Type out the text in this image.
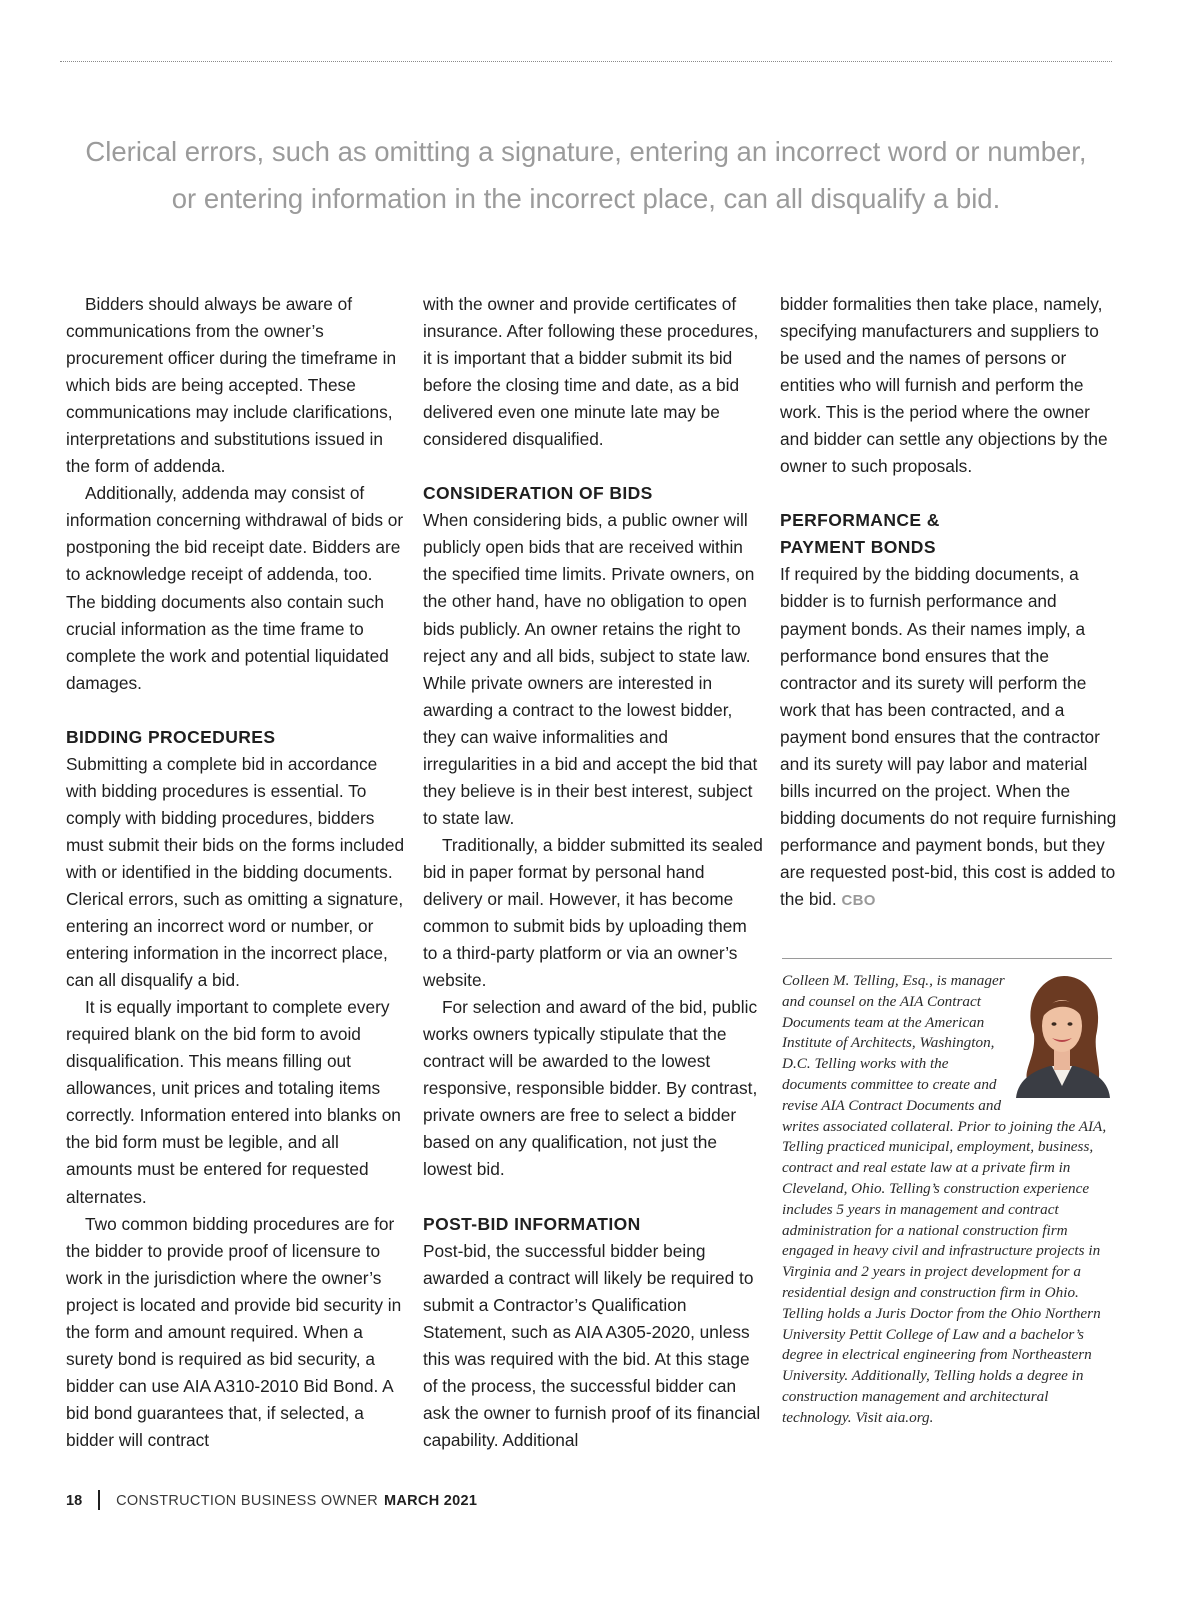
Clerical errors, such as omitting a signature, entering an incorrect word or number,
or entering information in the incorrect place, can all disqualify a bid.

Bidders should always be aware of communications from the owner’s procurement officer during the timeframe in which bids are being accepted. These communications may include clarifications, interpretations and substitutions issued in the form of addenda.

Additionally, addenda may consist of information concerning withdrawal of bids or postponing the bid receipt date. Bidders are to acknowledge receipt of addenda, too. The bidding documents also contain such crucial information as the time frame to complete the work and potential liquidated damages.

BIDDING PROCEDURES

Submitting a complete bid in accordance with bidding procedures is essential. To comply with bidding procedures, bidders must submit their bids on the forms included with or identified in the bidding documents. Clerical errors, such as omitting a signature, entering an incorrect word or number, or entering information in the incorrect place, can all disqualify a bid.

It is equally important to complete every required blank on the bid form to avoid disqualification. This means filling out allowances, unit prices and totaling items correctly. Information entered into blanks on the bid form must be legible, and all amounts must be entered for requested alternates.

Two common bidding procedures are for the bidder to provide proof of licensure to work in the jurisdiction where the owner’s project is located and provide bid security in the form and amount required. When a surety bond is required as bid security, a bidder can use AIA A310-2010 Bid Bond. A bid bond guarantees that, if selected, a bidder will contract

with the owner and provide certificates of insurance. After following these procedures, it is important that a bidder submit its bid before the closing time and date, as a bid delivered even one minute late may be considered disqualified.

CONSIDERATION OF BIDS

When considering bids, a public owner will publicly open bids that are received within the specified time limits. Private owners, on the other hand, have no obligation to open bids publicly. An owner retains the right to reject any and all bids, subject to state law. While private owners are interested in awarding a contract to the lowest bidder, they can waive informalities and irregularities in a bid and accept the bid that they believe is in their best interest, subject to state law.

Traditionally, a bidder submitted its sealed bid in paper format by personal hand delivery or mail. However, it has become common to submit bids by uploading them to a third-party platform or via an owner’s website.

For selection and award of the bid, public works owners typically stipulate that the contract will be awarded to the lowest responsive, responsible bidder. By contrast, private owners are free to select a bidder based on any qualification, not just the lowest bid.

POST-BID INFORMATION

Post-bid, the successful bidder being awarded a contract will likely be required to submit a Contractor’s Qualification Statement, such as AIA A305-2020, unless this was required with the bid. At this stage of the process, the successful bidder can ask the owner to furnish proof of its financial capability. Additional

bidder formalities then take place, namely, specifying manufacturers and suppliers to be used and the names of persons or entities who will furnish and perform the work. This is the period where the owner and bidder can settle any objections by the owner to such proposals.

PERFORMANCE & PAYMENT BONDS

If required by the bidding documents, a bidder is to furnish performance and payment bonds. As their names imply, a performance bond ensures that the contractor and its surety will perform the work that has been contracted, and a payment bond ensures that the contractor and its surety will pay labor and material bills incurred on the project. When the bidding documents do not require furnishing performance and payment bonds, but they are requested post-bid, this cost is added to the bid. CBO

Colleen M. Telling, Esq., is manager and counsel on the AIA Contract Documents team at the American Institute of Architects, Washington, D.C. Telling works with the documents committee to create and revise AIA Contract Documents and writes associated collateral. Prior to joining the AIA, Telling practiced municipal, employment, business, contract and real estate law at a private firm in Cleveland, Ohio. Telling’s construction experience includes 5 years in management and contract administration for a national construction firm engaged in heavy civil and infrastructure projects in Virginia and 2 years in project development for a residential design and construction firm in Ohio. Telling holds a Juris Doctor from the Ohio Northern University Pettit College of Law and a bachelor’s degree in electrical engineering from Northeastern University. Additionally, Telling holds a degree in construction management and architectural technology. Visit aia.org.

18 CONSTRUCTION BUSINESS OWNER MARCH 2021
